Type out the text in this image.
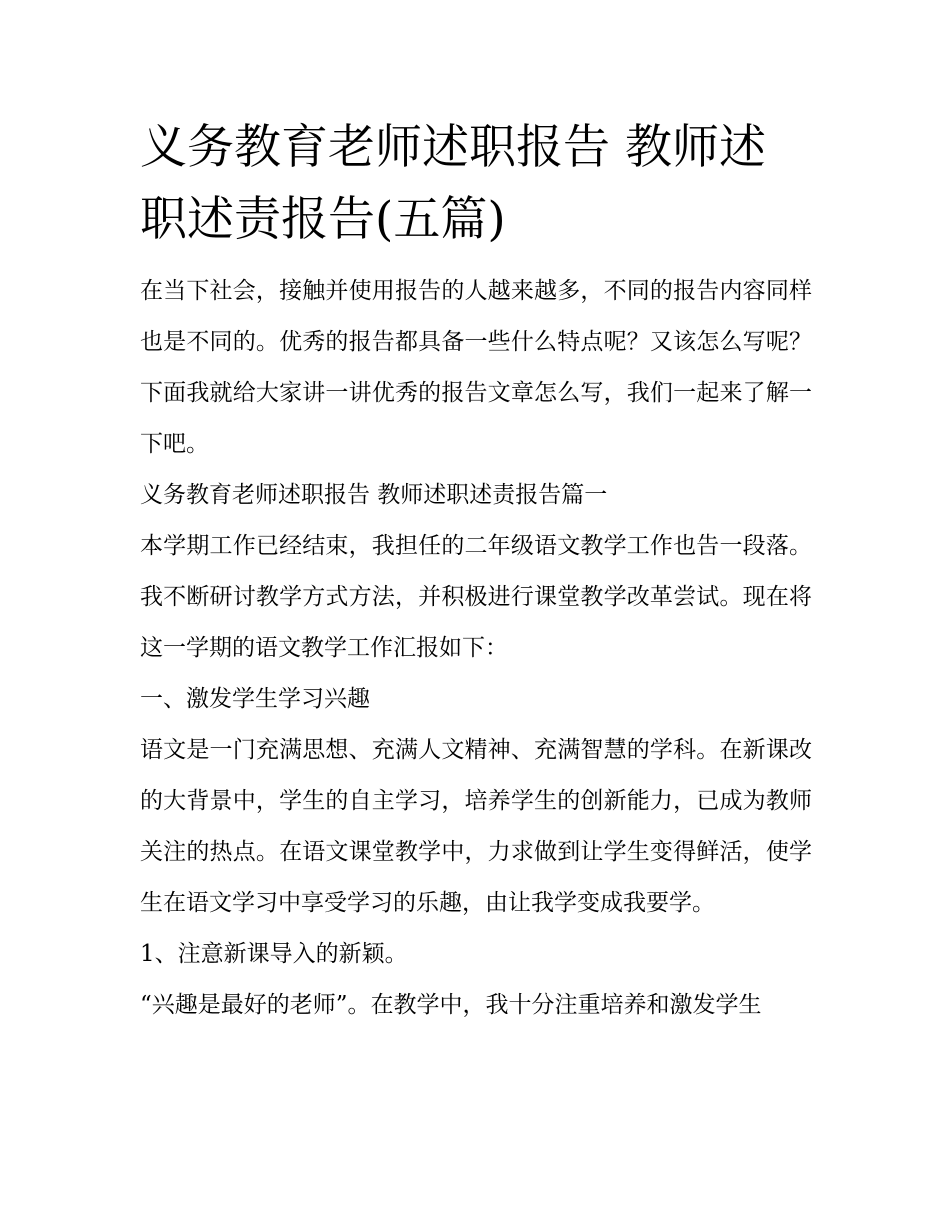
义务教育老师述职报告 教师述职述责报告(五篇)

在当下社会，接触并使用报告的人越来越多，不同的报告内容同样也是不同的。优秀的报告都具备一些什么特点呢？又该怎么写呢？下面我就给大家讲一讲优秀的报告文章怎么写，我们一起来了解一下吧。

义务教育老师述职报告 教师述职述责报告篇一

本学期工作已经结束，我担任的二年级语文教学工作也告一段落。我不断研讨教学方式方法，并积极进行课堂教学改革尝试。现在将这一学期的语文教学工作汇报如下：

一、激发学生学习兴趣

语文是一门充满思想、充满人文精神、充满智慧的学科。在新课改的大背景中，学生的自主学习，培养学生的创新能力，已成为教师关注的热点。在语文课堂教学中，力求做到让学生变得鲜活，使学生在语文学习中享受学习的乐趣，由让我学变成我要学。

1、注意新课导入的新颖。

“兴趣是最好的老师”。在教学中，我十分注重培养和激发学生
